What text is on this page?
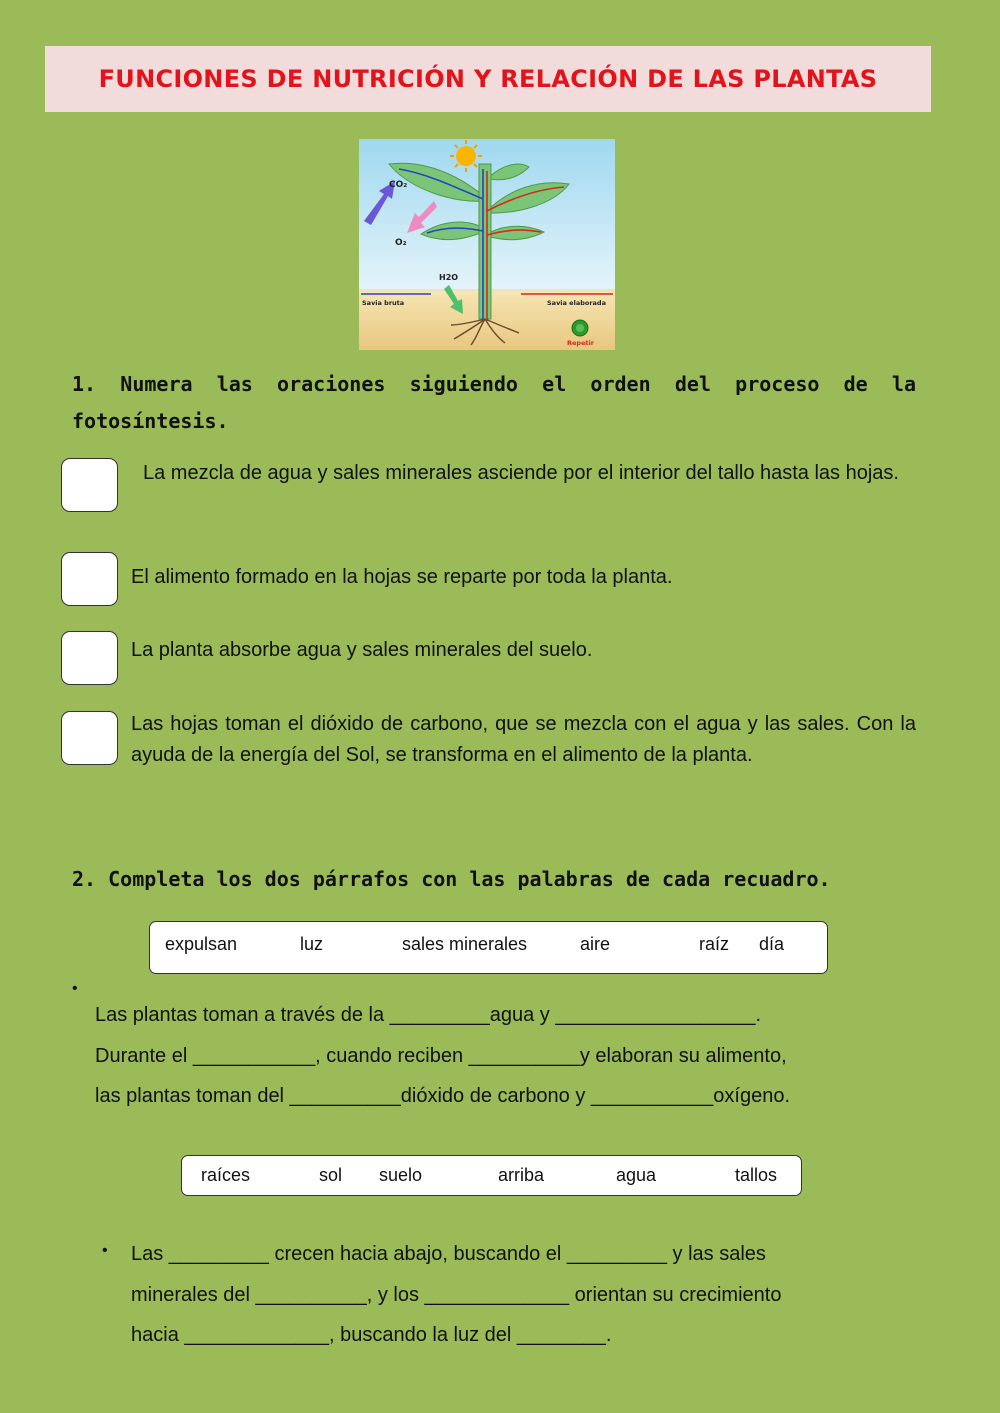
FUNCIONES DE NUTRICIÓN Y RELACIÓN DE LAS PLANTAS
CO₂
O₂
H2O
Savia bruta	Savia elaborada
Repetir
1. Numera las oraciones siguiendo el orden del proceso de la fotosíntesis.
La mezcla de agua y sales minerales asciende por el interior del tallo hasta las hojas.
El alimento formado en la hojas se reparte por toda la planta.
La planta absorbe agua y sales minerales del suelo.
Las hojas toman el dióxido de carbono, que se mezcla con el agua y las sales. Con la ayuda de la energía del Sol, se transforma en el alimento de la planta.
2. Completa los dos párrafos con las palabras de cada recuadro.
expulsan	luz	sales minerales	aire	raíz día
•
Las plantas toman a través de la _________agua y __________________.
Durante el ___________, cuando reciben __________y elaboran su alimento,
las plantas toman del __________dióxido de carbono y ___________oxígeno.
raíces	sol suelo	arriba	agua	tallos
• Las _________ crecen hacia abajo, buscando el _________ y las sales
minerales del __________, y los _____________ orientan su crecimiento
hacia _____________, buscando la luz del ________.
